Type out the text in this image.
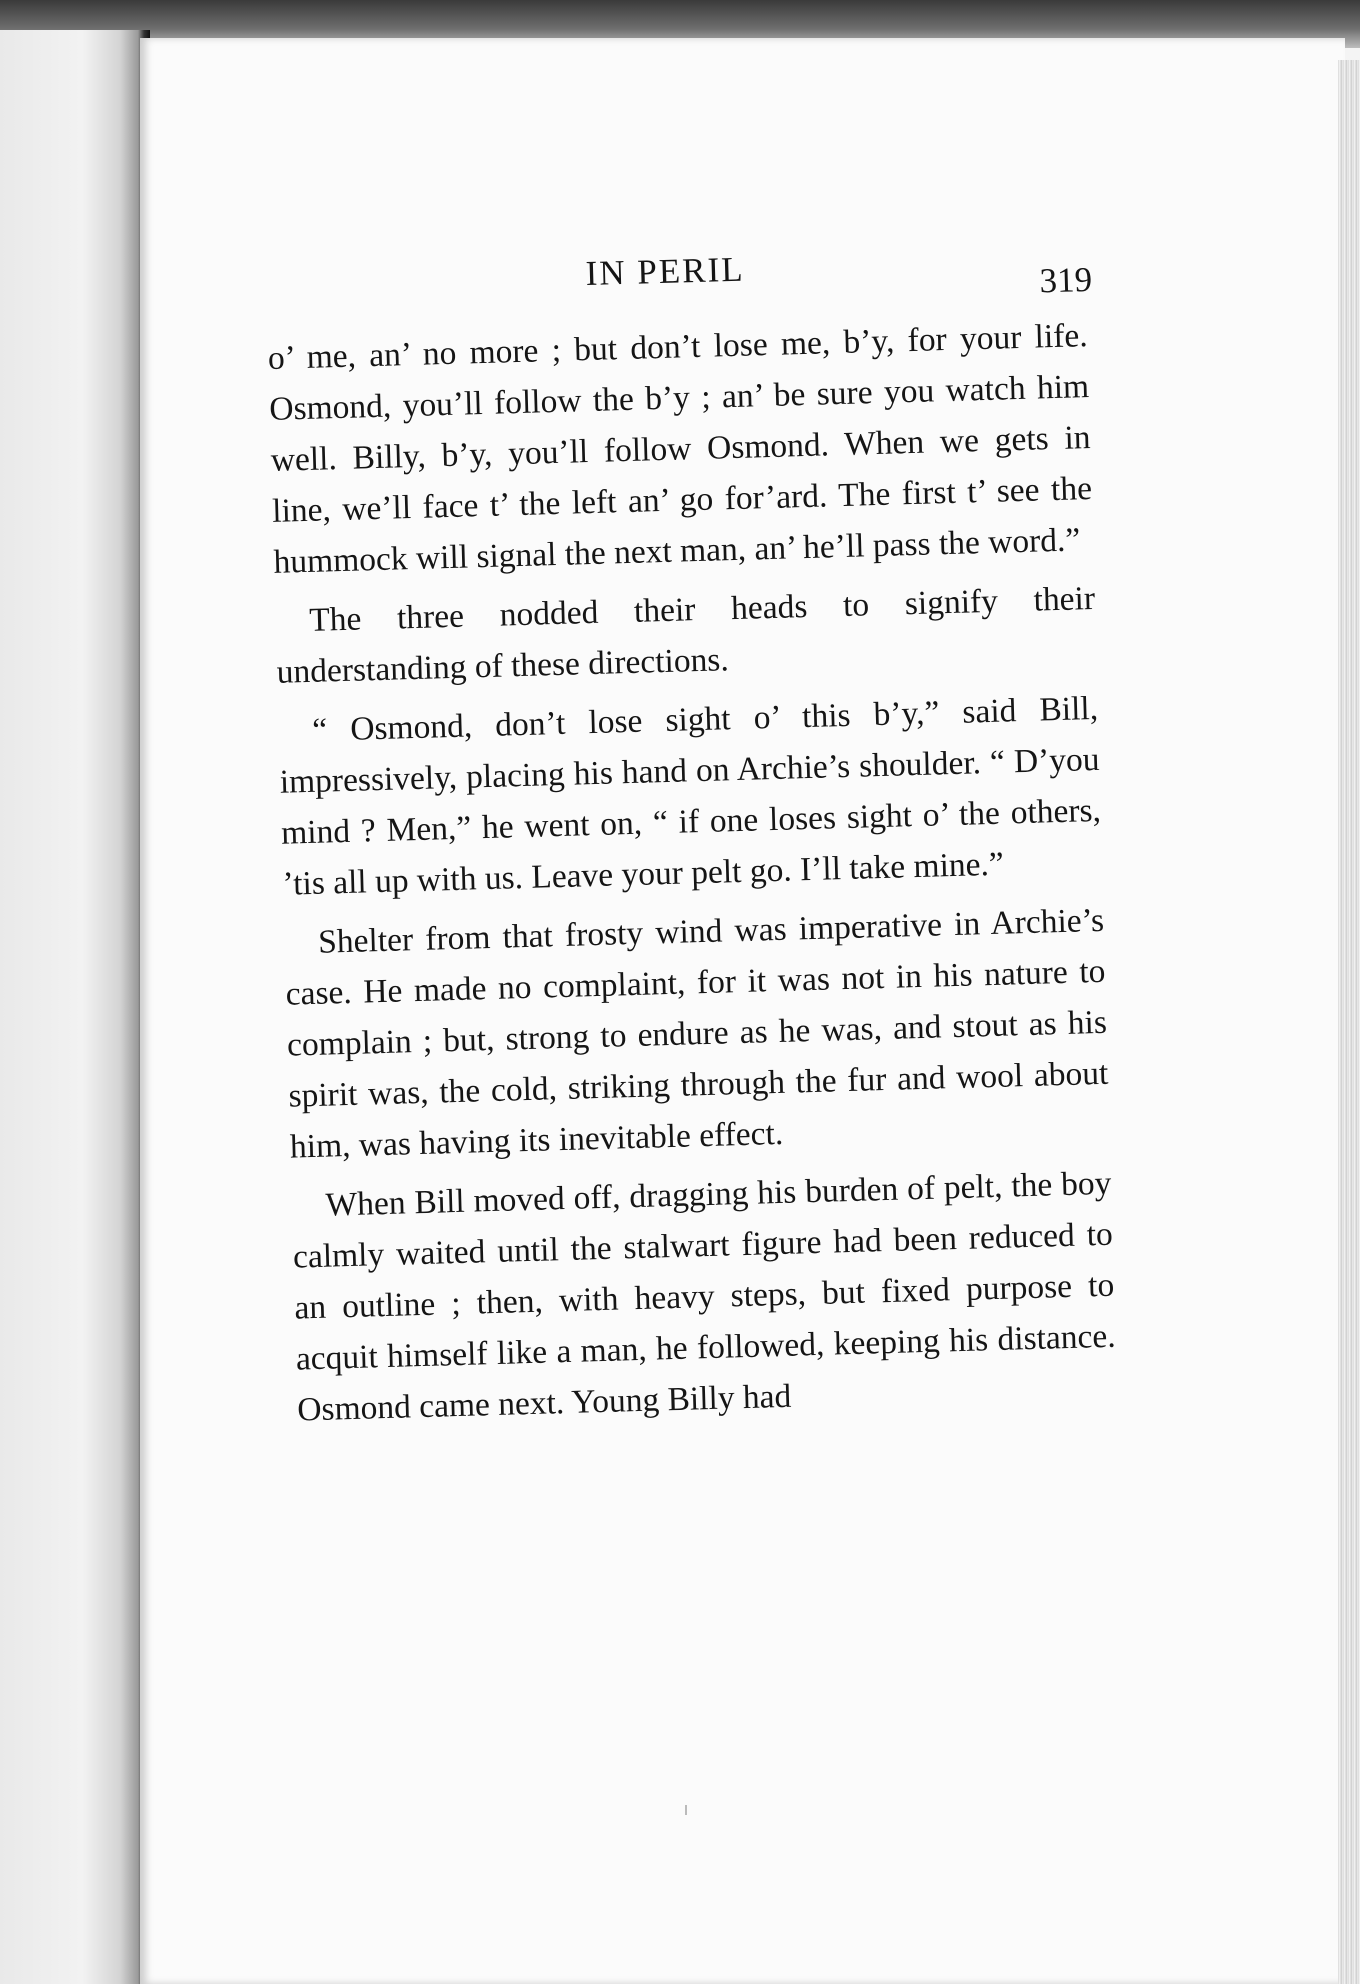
IN PERIL	319

o’ me, an’ no more ; but don’t lose me, b’y, for your life. Osmond, you’ll follow the b’y ; an’ be sure you watch him well. Billy, b’y, you’ll follow Osmond. When we gets in line, we’ll face t’ the left an’ go for’ard. The first t’ see the hummock will signal the next man, an’ he’ll pass the word.”

The three nodded their heads to signify their understanding of these directions.

“ Osmond, don’t lose sight o’ this b’y,” said Bill, impressively, placing his hand on Archie’s shoulder. “ D’you mind ? Men,” he went on, “ if one loses sight o’ the others, ’tis all up with us. Leave your pelt go. I’ll take mine.”

Shelter from that frosty wind was imperative in Archie’s case. He made no complaint, for it was not in his nature to complain ; but, strong to endure as he was, and stout as his spirit was, the cold, striking through the fur and wool about him, was having its inevitable effect.

When Bill moved off, dragging his burden of pelt, the boy calmly waited until the stalwart figure had been reduced to an outline ; then, with heavy steps, but fixed purpose to acquit himself like a man, he followed, keeping his distance. Osmond came next. Young Billy had
